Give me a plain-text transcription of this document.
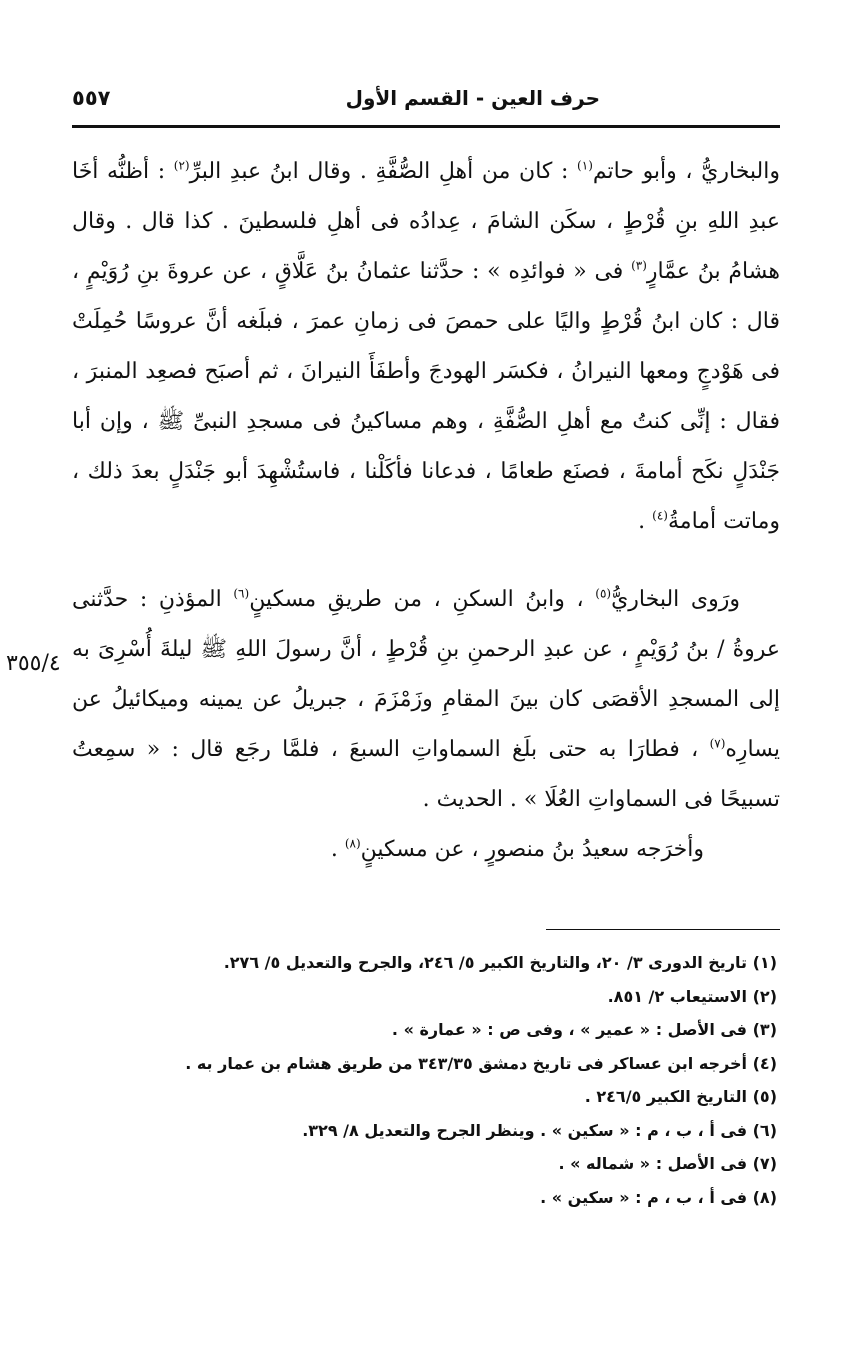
حرف العين - القسم الأول
٥٥٧
٣٥٥/٤

والبخاريُّ ، وأبو حاتم$^{(١)}$ : كان من أهلِ الصُّفَّةِ . وقال ابنُ عبدِ البرِّ$^{(٢)}$ : أظنُّه أخَا عبدِ اللهِ بنِ قُرْطٍ ، سكَن الشامَ ، عِدادُه فى أهلِ فلسطينَ . كذا قال . وقال هشامُ بنُ عمَّارٍ$^{(٣)}$ فى « فوائدِه » : حدَّثنا عثمانُ بنُ عَلَّاقٍ ، عن عروةَ بنِ رُوَيْمٍ ، قال : كان ابنُ قُرْطٍ واليًا على حمصَ فى زمانِ عمرَ ، فبلَغه أنَّ عروسًا حُمِلَتْ فى هَوْدجٍ ومعها النيرانُ ، فكسَر الهودجَ وأطفَأَ النيرانَ ، ثم أصبَح فصعِد المنبرَ ، فقال : إنِّى كنتُ مع أهلِ الصُّفَّةِ ، وهم مساكينُ فى مسجدِ النبىِّ ﷺ ، وإن أبا جَنْدَلٍ نكَح أمامةَ ، فصنَع طعامًا ، فدعانا فأكَلْنا ، فاستُشْهِدَ أبو جَنْدَلٍ بعدَ ذلك ، وماتت أمامةُ$^{(٤)}$ .

ورَوى البخاريُّ$^{(٥)}$ ، وابنُ السكنِ ، من طريقِ مسكينٍ$^{(٦)}$ المؤذنِ : حدَّثنى عروةُ / بنُ رُوَيْمٍ ، عن عبدِ الرحمنِ بنِ قُرْطٍ ، أنَّ رسولَ اللهِ ﷺ ليلةَ أُسْرِىَ به إلى المسجدِ الأقصَى كان بينَ المقامِ وزَمْزَمَ ، جبريلُ عن يمينه وميكائيلُ عن يسارِه$^{(٧)}$ ، فطارَا به حتى بلَغ السماواتِ السبعَ ، فلمَّا رجَع قال : « سمِعتُ تسبيحًا فى السماواتِ العُلَا » . الحديث .

وأخرَجه سعيدُ بنُ منصورٍ ، عن مسكينٍ$^{(٨)}$ .

(١) تاريخ الدورى ٣/ ٢٠، والتاريخ الكبير ٥/ ٢٤٦، والجرح والتعديل ٥/ ٢٧٦.
(٢) الاستيعاب ٢/ ٨٥١.
(٣) فى الأصل : « عمير » ، وفى ص : « عمارة » .
(٤) أخرجه ابن عساكر فى تاريخ دمشق ٣٤٣/٣٥ من طريق هشام بن عمار به .
(٥) التاريخ الكبير ٢٤٦/٥ .
(٦) فى أ ، ب ، م : « سكين » . وينظر الجرح والتعديل ٨/ ٣٢٩.
(٧) فى الأصل : « شماله » .
(٨) فى أ ، ب ، م : « سكين » .
